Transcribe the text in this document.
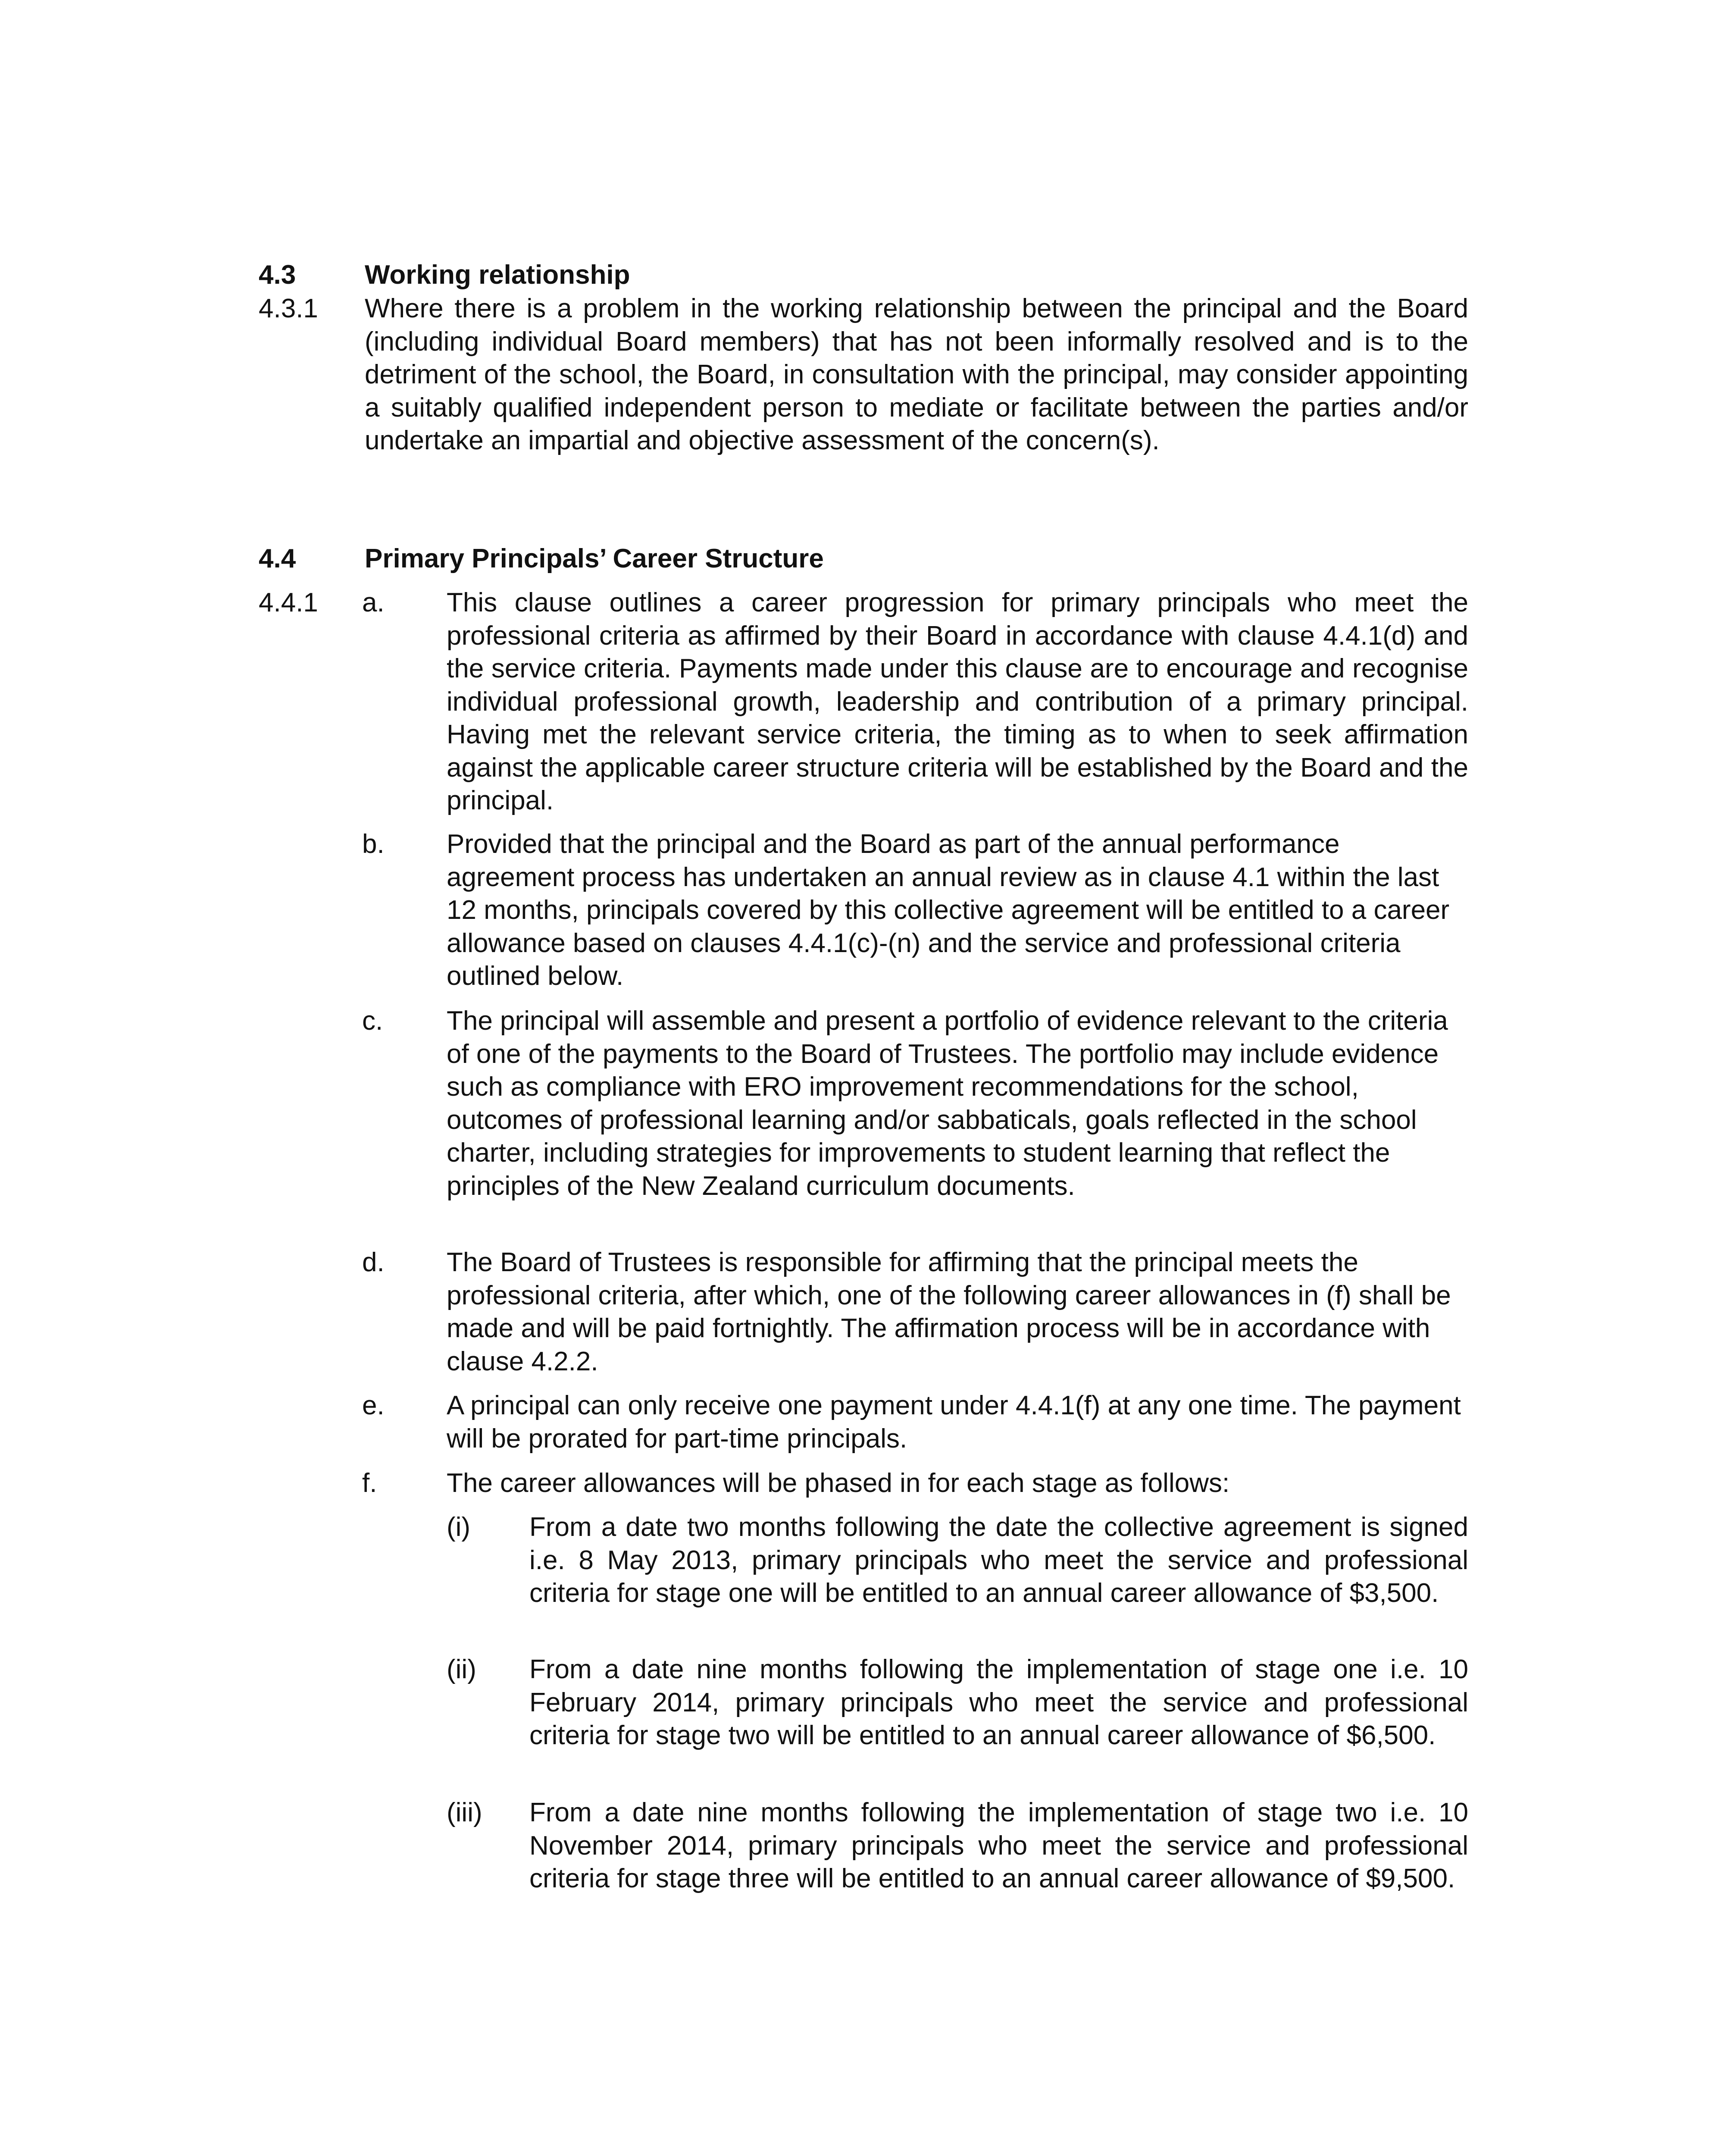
4.3	Working relationship
4.3.1 Where there is a problem in the working relationship between the principal and the Board (including individual Board members) that has not been informally resolved and is to the detriment of the school, the Board, in consultation with the principal, may consider appointing a suitably qualified independent person to mediate or facilitate between the parties and/or undertake an impartial and objective assessment of the concern(s).
4.4	Primary Principals’ Career Structure
4.4.1 a. This clause outlines a career progression for primary principals who meet the professional criteria as affirmed by their Board in accordance with clause 4.4.1(d) and the service criteria. Payments made under this clause are to encourage and recognise individual professional growth, leadership and contribution of a primary principal. Having met the relevant service criteria, the timing as to when to seek affirmation against the applicable career structure criteria will be established by the Board and the principal.
b. Provided that the principal and the Board as part of the annual performance agreement process has undertaken an annual review as in clause 4.1 within the last 12 months, principals covered by this collective agreement will be entitled to a career allowance based on clauses 4.4.1(c)-(n) and the service and professional criteria outlined below.
c. The principal will assemble and present a portfolio of evidence relevant to the criteria of one of the payments to the Board of Trustees. The portfolio may include evidence such as compliance with ERO improvement recommendations for the school, outcomes of professional learning and/or sabbaticals, goals reflected in the school charter, including strategies for improvements to student learning that reflect the principles of the New Zealand curriculum documents.
d. The Board of Trustees is responsible for affirming that the principal meets the professional criteria, after which, one of the following career allowances in (f) shall be made and will be paid fortnightly. The affirmation process will be in accordance with clause 4.2.2.
e. A principal can only receive one payment under 4.4.1(f) at any one time. The payment will be prorated for part-time principals.
f.	The career allowances will be phased in for each stage as follows:
(i) From a date two months following the date the collective agreement is signed i.e. 8 May 2013, primary principals who meet the service and professional criteria for stage one will be entitled to an annual career allowance of $3,500.
(ii) From a date nine months following the implementation of stage one i.e. 10 February 2014, primary principals who meet the service and professional criteria for stage two will be entitled to an annual career allowance of $6,500.
(iii) From a date nine months following the implementation of stage two i.e. 10 November 2014, primary principals who meet the service and professional criteria for stage three will be entitled to an annual career allowance of $9,500.
